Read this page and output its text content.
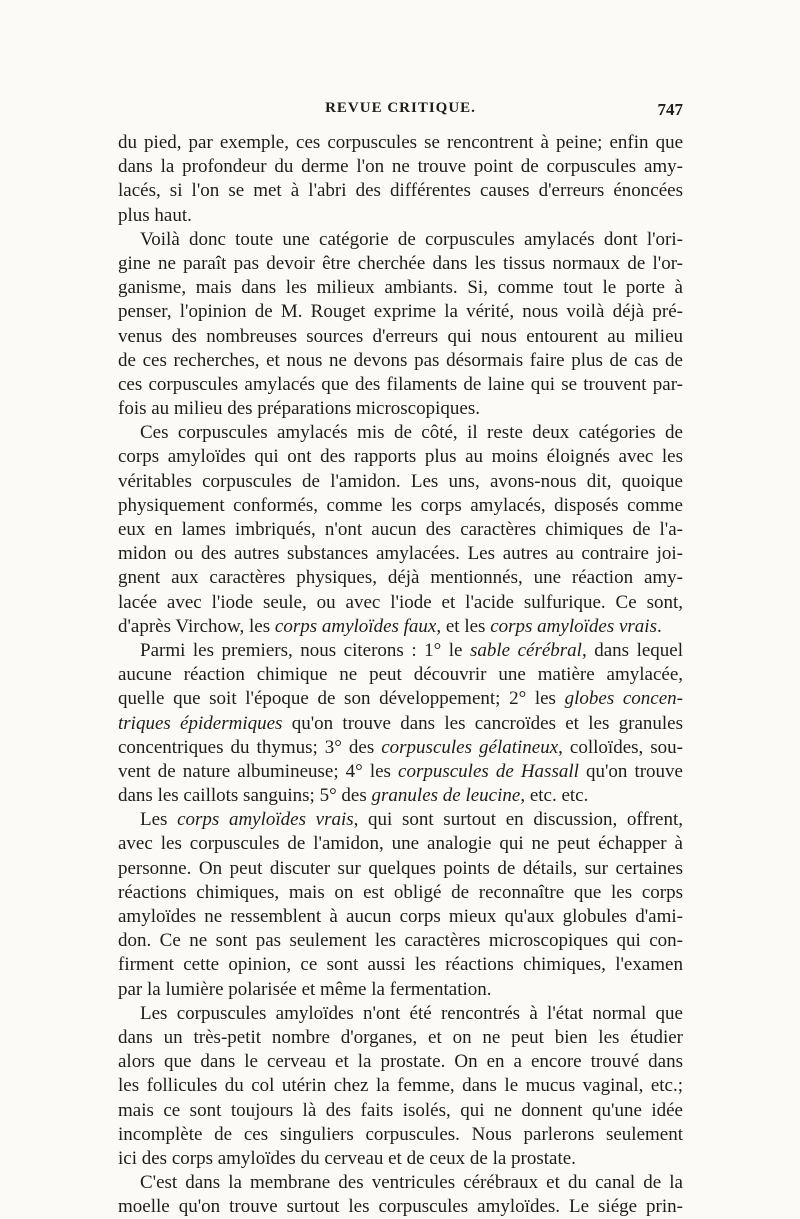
REVUE CRITIQUE.	747
du pied, par exemple, ces corpuscules se rencontrent à peine; enfin que
dans la profondeur du derme l'on ne trouve point de corpuscules amy-
lacés, si l'on se met à l'abri des différentes causes d'erreurs énoncées
plus haut.
Voilà donc toute une catégorie de corpuscules amylacés dont l'ori-
gine ne paraît pas devoir être cherchée dans les tissus normaux de l'or-
ganisme, mais dans les milieux ambiants. Si, comme tout le porte à
penser, l'opinion de M. Rouget exprime la vérité, nous voilà déjà pré-
venus des nombreuses sources d'erreurs qui nous entourent au milieu
de ces recherches, et nous ne devons pas désormais faire plus de cas de
ces corpuscules amylacés que des filaments de laine qui se trouvent par-
fois au milieu des préparations microscopiques.
Ces corpuscules amylacés mis de côté, il reste deux catégories de
corps amyloïdes qui ont des rapports plus au moins éloignés avec les
véritables corpuscules de l'amidon. Les uns, avons-nous dit, quoique
physiquement conformés, comme les corps amylacés, disposés comme
eux en lames imbriqués, n'ont aucun des caractères chimiques de l'a-
midon ou des autres substances amylacées. Les autres au contraire joi-
gnent aux caractères physiques, déjà mentionnés, une réaction amy-
lacée avec l'iode seule, ou avec l'iode et l'acide sulfurique. Ce sont,
d'après Virchow, les corps amyloïdes faux, et les corps amyloïdes vrais.
Parmi les premiers, nous citerons : 1° le sable cérébral, dans lequel
aucune réaction chimique ne peut découvrir une matière amylacée,
quelle que soit l'époque de son développement; 2° les globes concen-
triques épidermiques qu'on trouve dans les cancroïdes et les granules
concentriques du thymus; 3° des corpuscules gélatineux, colloïdes, sou-
vent de nature albumineuse; 4° les corpuscules de Hassall qu'on trouve
dans les caillots sanguins; 5° des granules de leucine, etc. etc.
Les corps amyloïdes vrais, qui sont surtout en discussion, offrent,
avec les corpuscules de l'amidon, une analogie qui ne peut échapper à
personne. On peut discuter sur quelques points de détails, sur certaines
réactions chimiques, mais on est obligé de reconnaître que les corps
amyloïdes ne ressemblent à aucun corps mieux qu'aux globules d'ami-
don. Ce ne sont pas seulement les caractères microscopiques qui con-
firment cette opinion, ce sont aussi les réactions chimiques, l'examen
par la lumière polarisée et même la fermentation.
Les corpuscules amyloïdes n'ont été rencontrés à l'état normal que
dans un très-petit nombre d'organes, et on ne peut bien les étudier
alors que dans le cerveau et la prostate. On en a encore trouvé dans
les follicules du col utérin chez la femme, dans le mucus vaginal, etc.;
mais ce sont toujours là des faits isolés, qui ne donnent qu'une idée
incomplète de ces singuliers corpuscules. Nous parlerons seulement
ici des corps amyloïdes du cerveau et de ceux de la prostate.
C'est dans la membrane des ventricules cérébraux et du canal de la
moelle qu'on trouve surtout les corpuscules amyloïdes. Le siége prin-
